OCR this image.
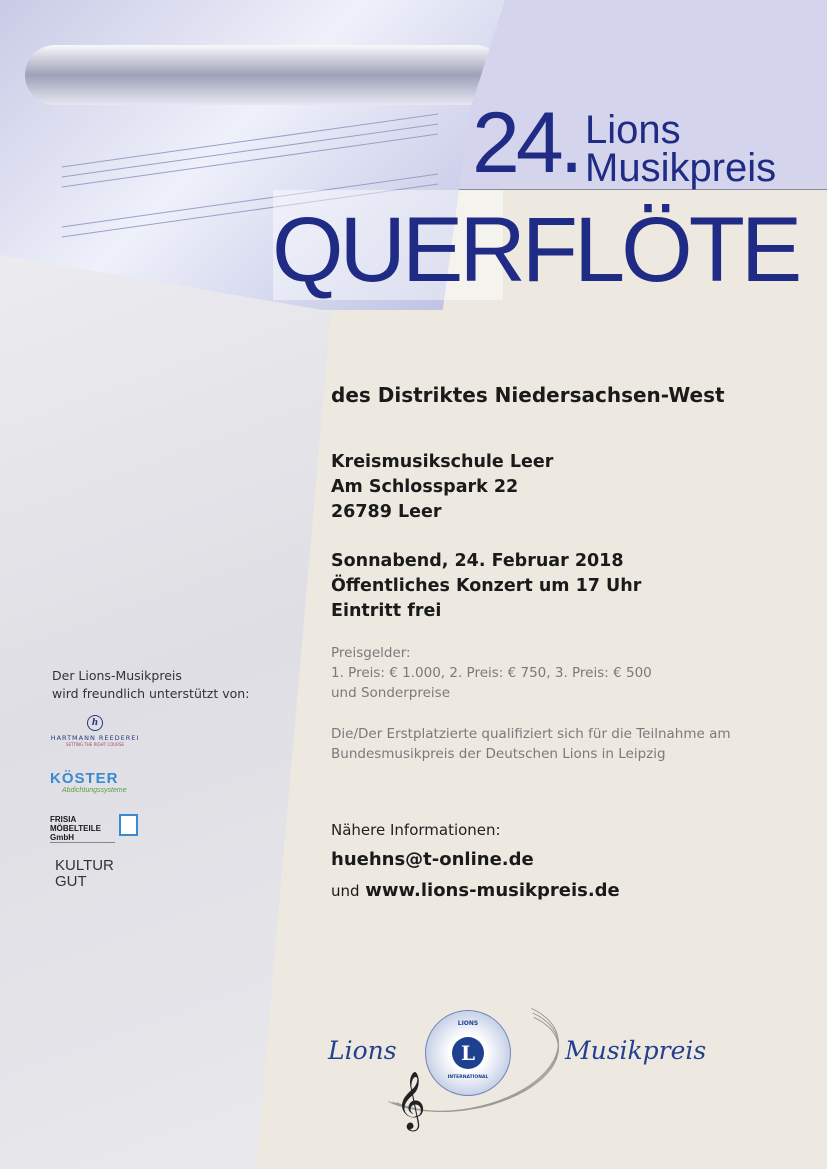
24. Lions
Musikpreis
QUERFLÖTE
des Distriktes Niedersachsen-West
Kreismusikschule Leer
Am Schlosspark 22
26789 Leer
Sonnabend, 24. Februar 2018
Öffentliches Konzert um 17 Uhr
Eintritt frei
Preisgelder:
1. Preis: € 1.000, 2. Preis: € 750, 3. Preis: € 500
und Sonderpreise
Die/Der Erstplatzierte qualifiziert sich für die Teilnahme am
Bundesmusikpreis der Deutschen Lions in Leipzig
Nähere Informationen:
huehns@t-online.de
und www.lions-musikpreis.de
Der Lions-Musikpreis
wird freundlich unterstützt von:
h
HARTMANN REEDEREI
SETTING THE RIGHT COURSE
KÖSTER
Abdichtungssysteme
FRISIA MÖBELTEILE GmbH
KULTUR GUT
Lions	Musikpreis
LIONS
L
INTERNATIONAL
𝄞
